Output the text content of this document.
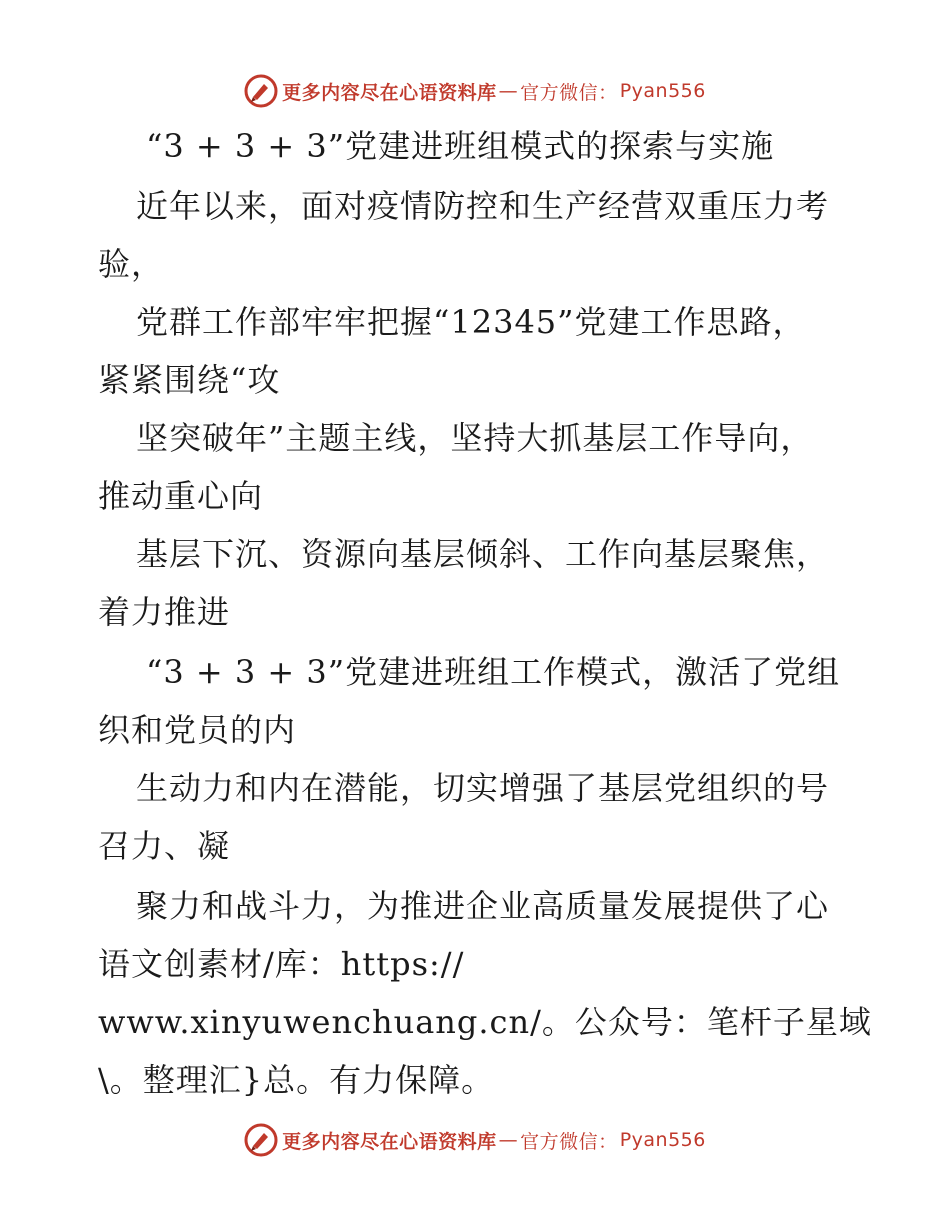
更多内容尽在心语资料库 — 官方微信： Pyan556
“3 + 3 + 3”党建进班组模式的探索与实施
近年以来，面对疫情防控和生产经营双重压力考
验，
党群工作部牢牢把握“12345”党建工作思路，
紧紧围绕“攻
坚突破年”主题主线，坚持大抓基层工作导向，
推动重心向
基层下沉、资源向基层倾斜、工作向基层聚焦，
着力推进
“3 + 3 + 3”党建进班组工作模式，激活了党组
织和党员的内
生动力和内在潜能，切实增强了基层党组织的号
召力、凝
聚力和战斗力，为推进企业高质量发展提供了心
语文创素材/库：https://
www.xinyuwenchuang.cn/。公众号：笔杆子星域
\。整理汇}总。有力保障。
更多内容尽在心语资料库 — 官方微信： Pyan556
